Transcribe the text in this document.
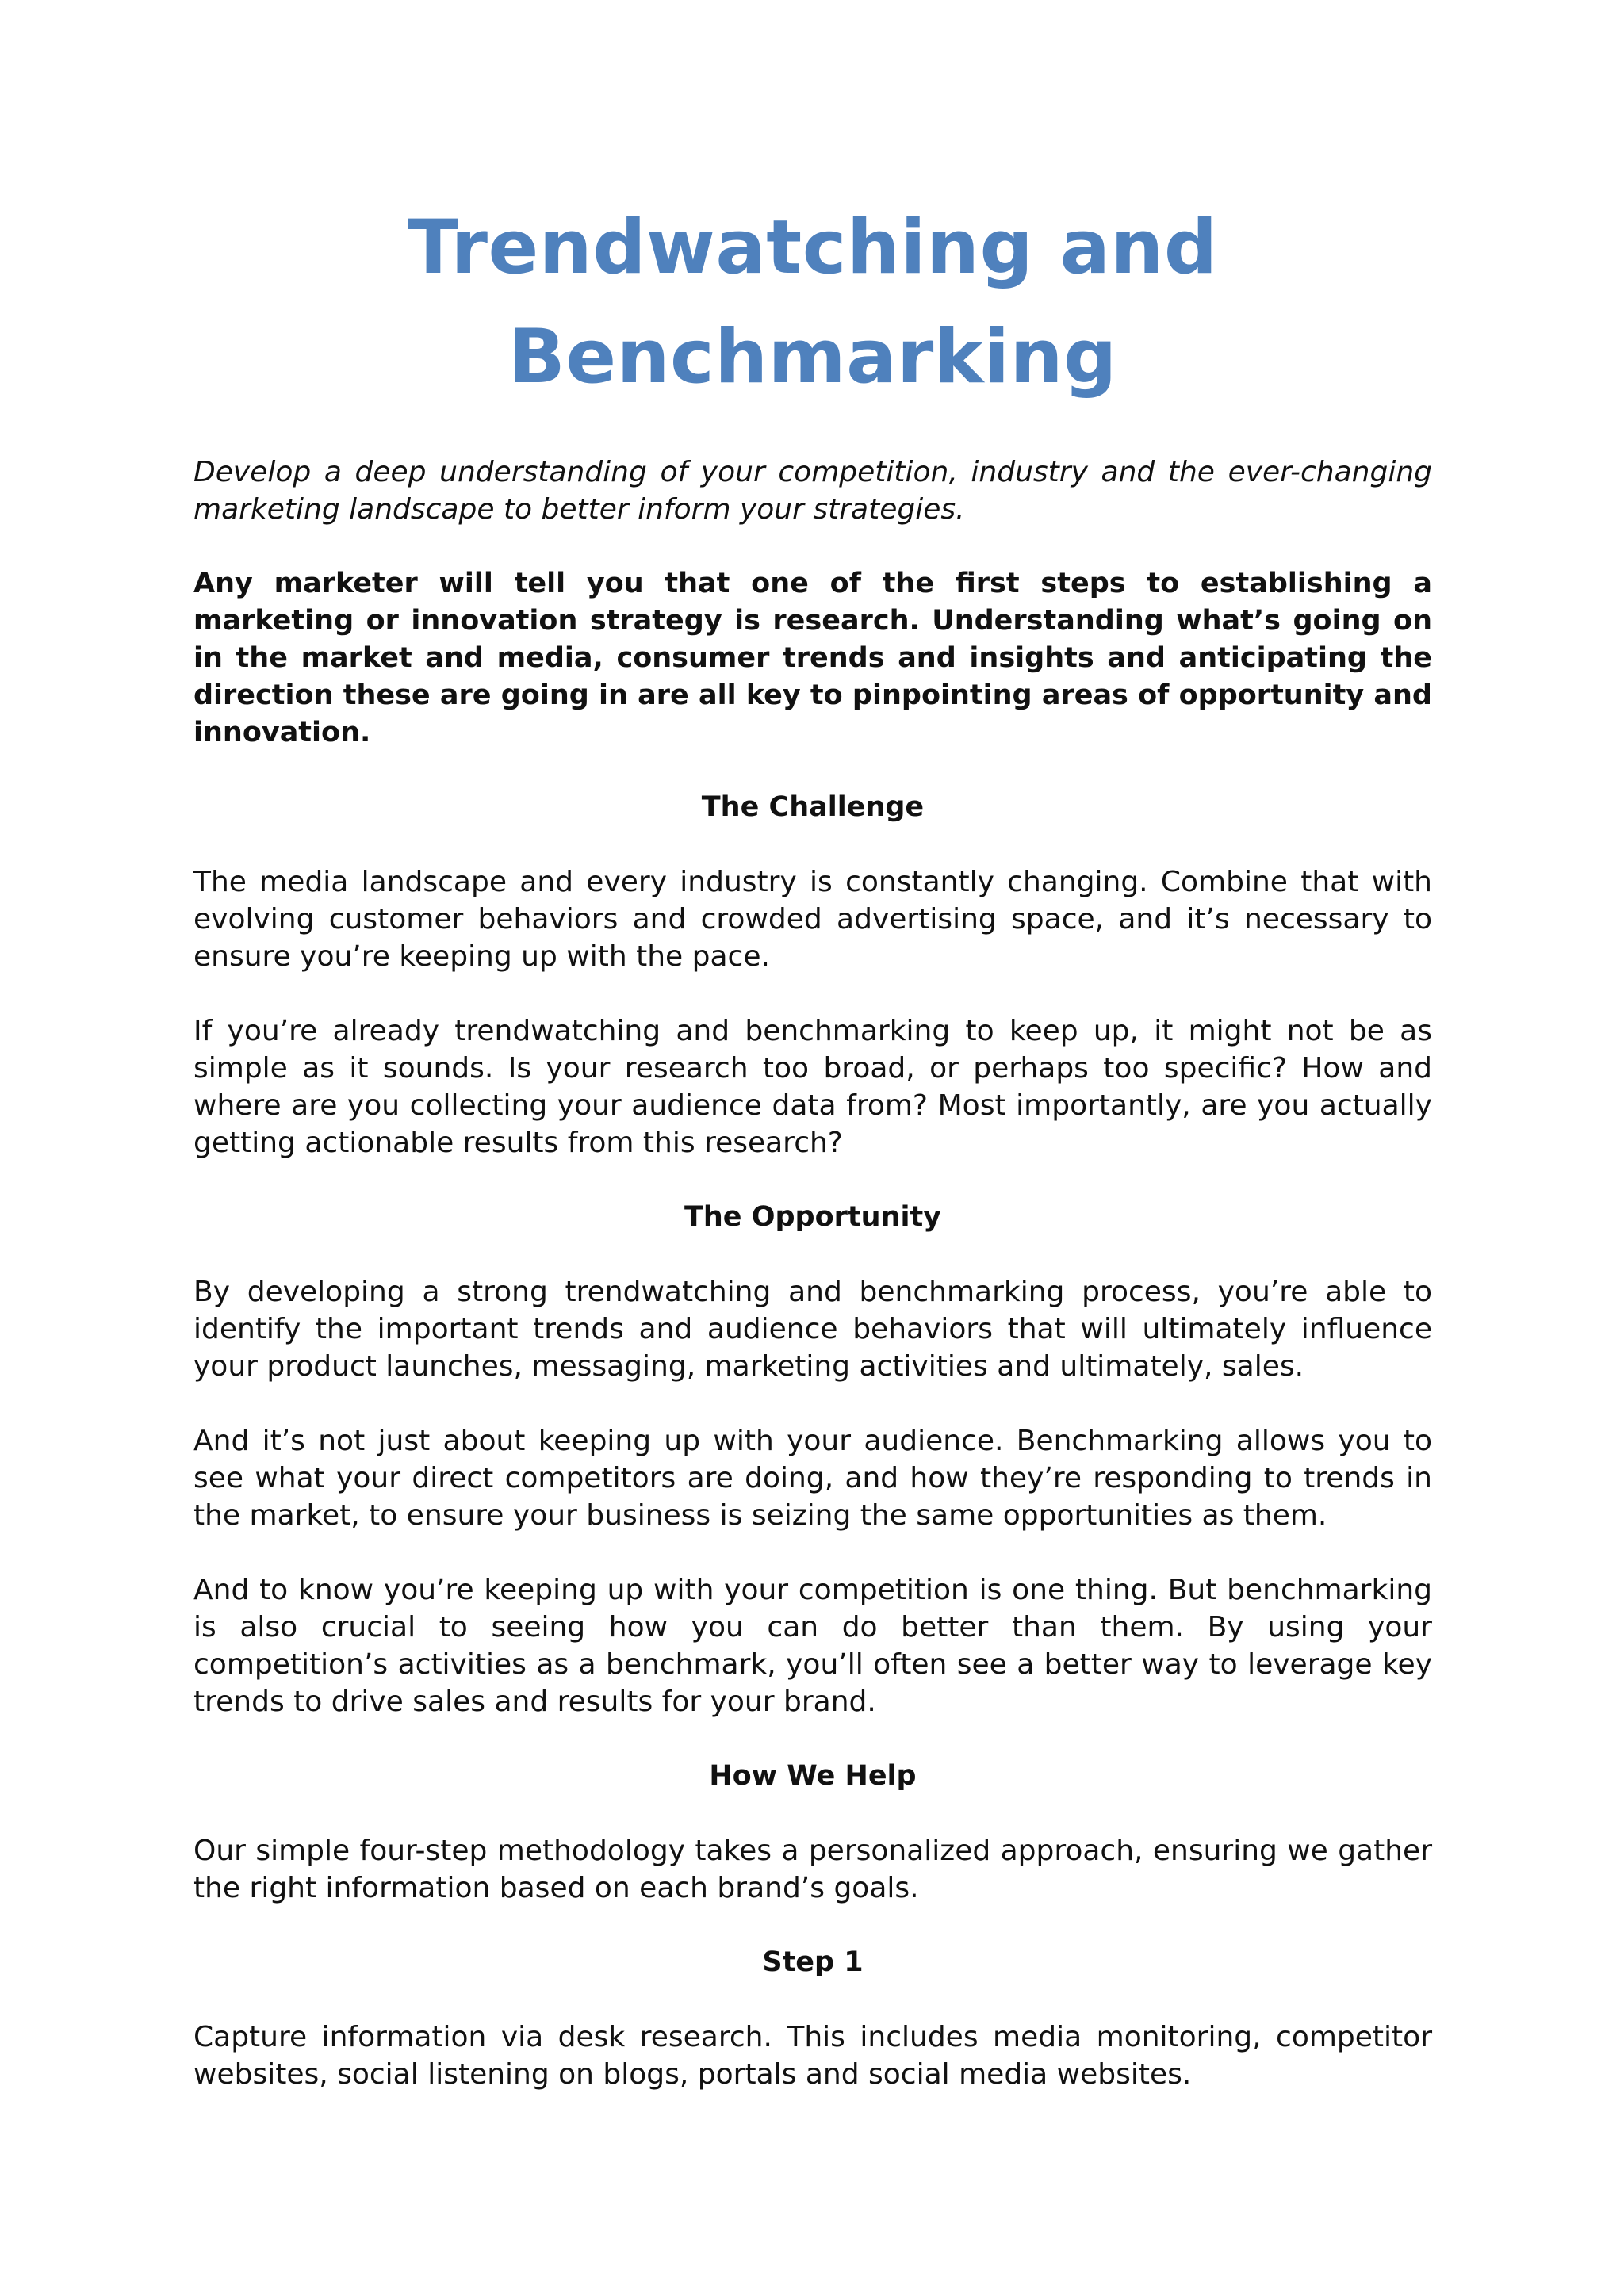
Trendwatching and
Benchmarking

Develop a deep understanding of your competition, industry and the ever-changing marketing landscape to better inform your strategies.

Any marketer will tell you that one of the first steps to establishing a marketing or innovation strategy is research. Understanding what’s going on in the market and media, consumer trends and insights and anticipating the direction these are going in are all key to pinpointing areas of opportunity and innovation.

The Challenge

The media landscape and every industry is constantly changing. Combine that with evolving customer behaviors and crowded advertising space, and it’s necessary to ensure you’re keeping up with the pace.

If you’re already trendwatching and benchmarking to keep up, it might not be as simple as it sounds. Is your research too broad, or perhaps too specific? How and where are you collecting your audience data from? Most importantly, are you actually getting actionable results from this research?

The Opportunity

By developing a strong trendwatching and benchmarking process, you’re able to identify the important trends and audience behaviors that will ultimately influence your product launches, messaging, marketing activities and ultimately, sales.

And it’s not just about keeping up with your audience. Benchmarking allows you to see what your direct competitors are doing, and how they’re responding to trends in the market, to ensure your business is seizing the same opportunities as them.

And to know you’re keeping up with your competition is one thing. But benchmarking is also crucial to seeing how you can do better than them. By using your competition’s activities as a benchmark, you’ll often see a better way to leverage key trends to drive sales and results for your brand.

How We Help

Our simple four-step methodology takes a personalized approach, ensuring we gather the right information based on each brand’s goals.

Step 1

Capture information via desk research. This includes media monitoring, competitor websites, social listening on blogs, portals and social media websites.
